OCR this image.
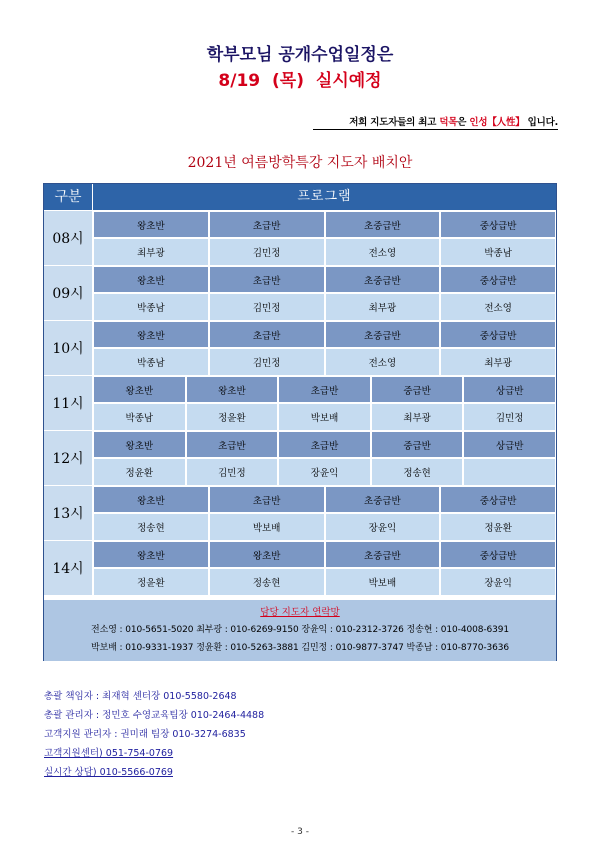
학부모님 공개수업일정은
8/19 (목) 실시예정
저희 지도자들의 최고 덕목은 인성【人性】 입니다.
2021년 여름방학특강 지도자 배치안
구분	프로그램
08시
왕초반	초급반	초중급반	중상급반
최부광	김민정	전소영	박종남
09시
왕초반	초급반	초중급반	중상급반
박종남	김민정	최부광	전소영
10시
왕초반	초급반	초중급반	중상급반
박종남	김민정	전소영	최부광
11시
왕초반	왕초반	초급반	중급반	상급반
박종남	정윤환	박보배	최부광	김민정
12시
왕초반	초급반	초급반	중급반	상급반
정윤환	김민정	장윤익	정송현
13시
왕초반	초급반	초중급반	중상급반
정송현	박보배	장윤익	정윤환
14시
왕초반	왕초반	초중급반	중상급반
정윤환	정송현	박보배	장윤익
담당 지도자 연락망
전소영 : 010-5651-5020 최부광 : 010-6269-9150 장윤익 : 010-2312-3726 정송현 : 010-4008-6391
박보배 : 010-9331-1937 정윤환 : 010-5263-3881 김민정 : 010-9877-3747 박종남 : 010-8770-3636
총괄 책임자 : 최재혁 센터장 010-5580-2648
총괄 관리자 : 정민호 수영교육팀장 010-2464-4488
고객지원 관리자 : 권미래 팀장 010-3274-6835
고객지원센터) 051-754-0769
실시간 상담) 010-5566-0769
- 3 -
